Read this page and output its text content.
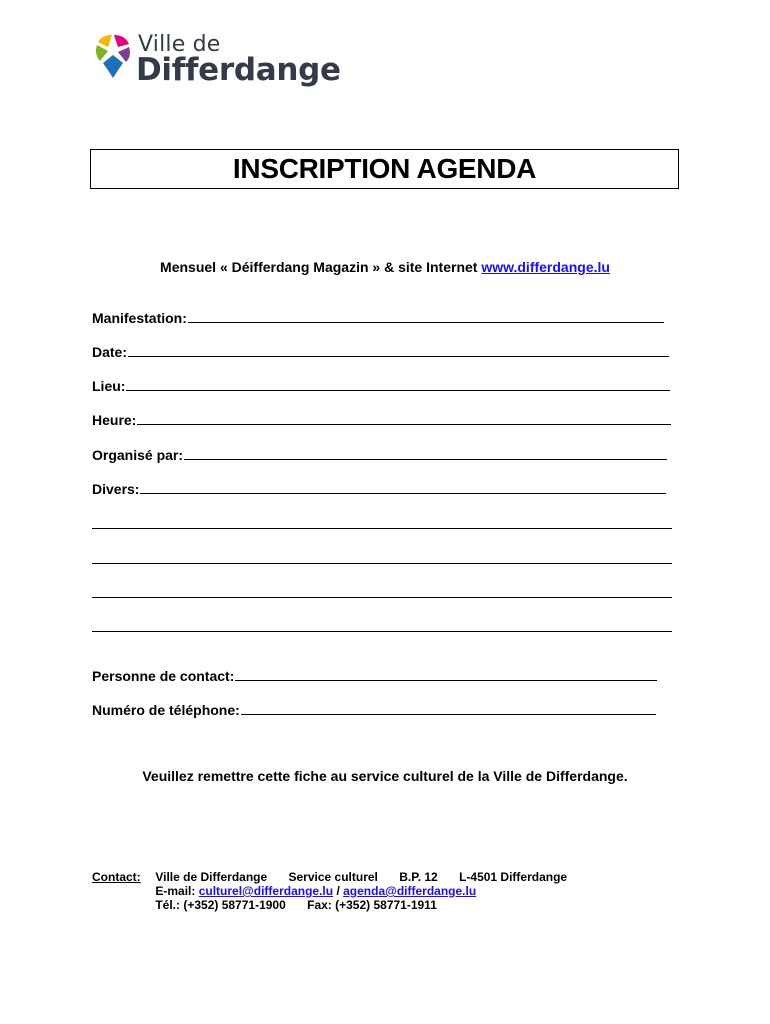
Ville de
Differdange
INSCRIPTION AGENDA
Mensuel « Déifferdang Magazin » & site Internet www.differdange.lu
Manifestation:
Date:
Lieu:
Heure:
Organisé par:
Divers:
Personne de contact:
Numéro de téléphone:
Veuillez remettre cette fiche au service culturel de la Ville de Differdange.
Contact: Ville de Differdange Service culturel B.P. 12 L-4501 Differdange
E-mail: culturel@differdange.lu / agenda@differdange.lu
Tél.: (+352) 58771-1900 Fax: (+352) 58771-1911
